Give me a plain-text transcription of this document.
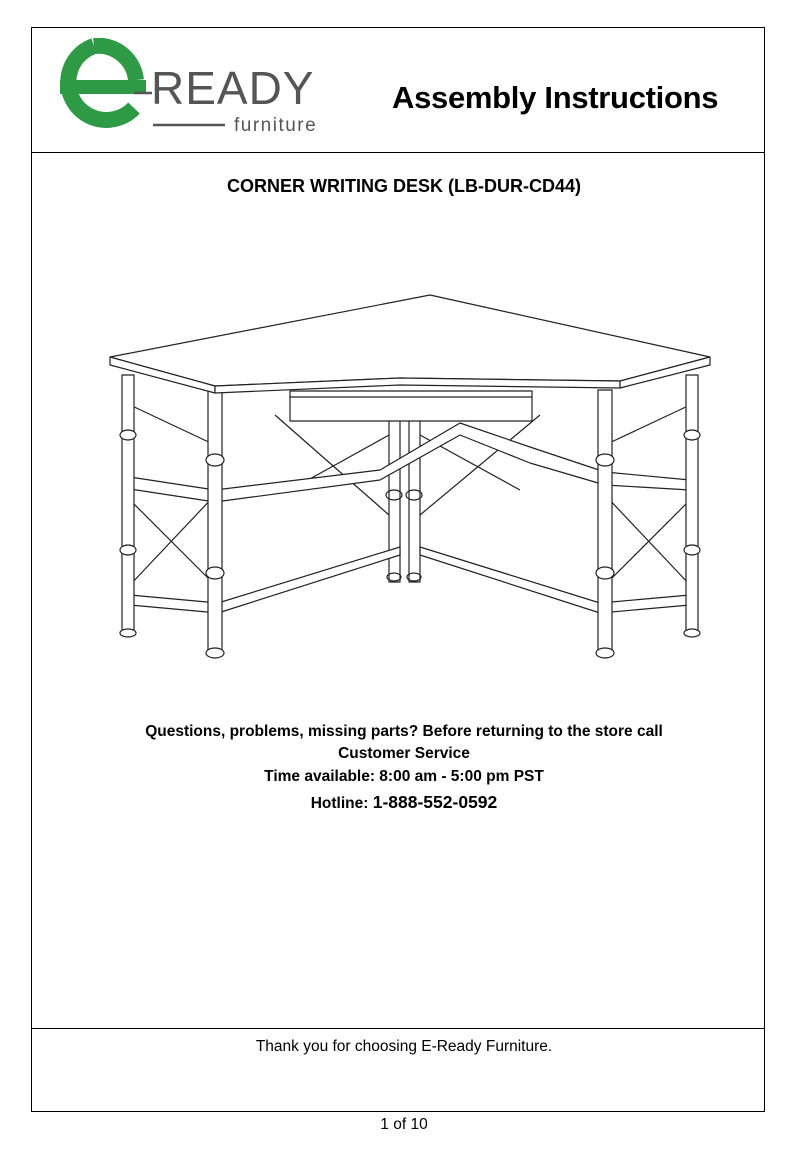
READY
furniture
Assembly Instructions
CORNER WRITING DESK (LB-DUR-CD44)
Questions, problems, missing parts? Before returning to the store call
Customer Service
Time available: 8:00 am - 5:00 pm PST
Hotline: 1-888-552-0592
Thank you for choosing E-Ready Furniture.
1 of 10
